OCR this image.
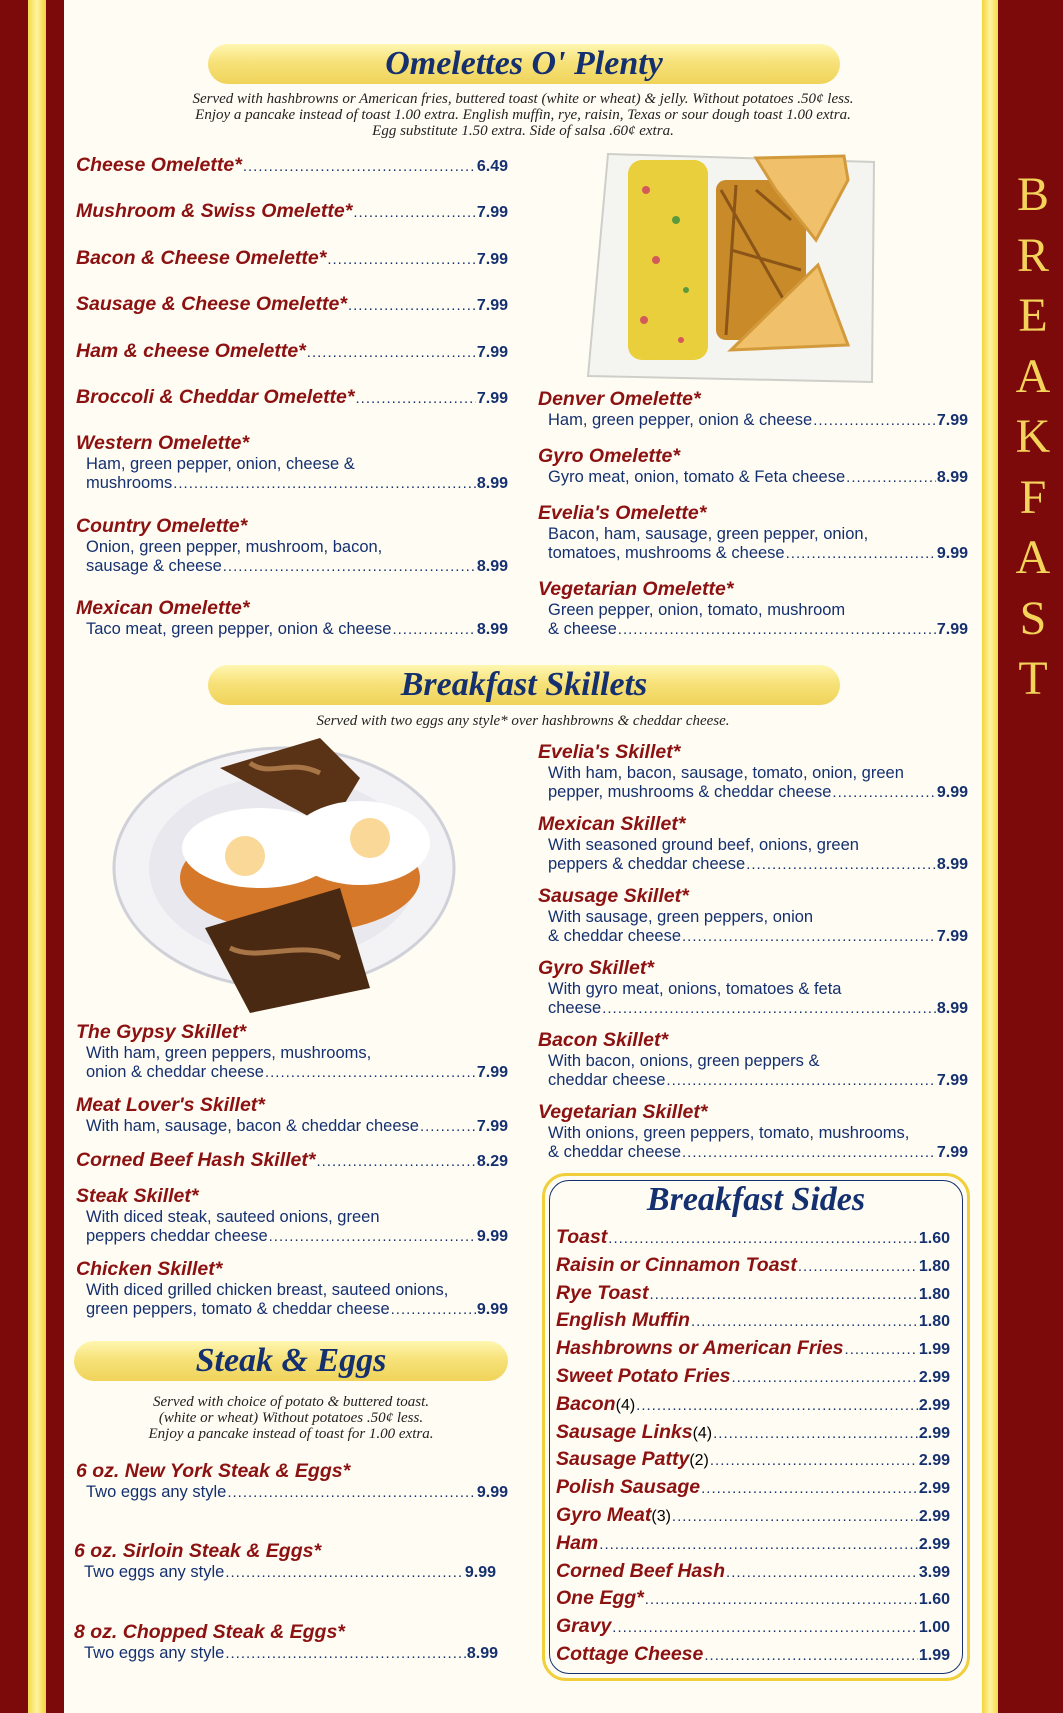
B
R
E
A
K
F
A
S
T
Omelettes O' Plenty
Served with hashbrowns or American fries, buttered toast (white or wheat) & jelly. Without potatoes .50¢ less.
Enjoy a pancake instead of toast 1.00 extra. English muffin, rye, raisin, Texas or sour dough toast 1.00 extra.
Egg substitute 1.50 extra. Side of salsa .60¢ extra.
Cheese Omelette* .....	6.49
Mushroom & Swiss Omelette* .....	7.99
Bacon & Cheese Omelette* .....	7.99
Sausage & Cheese Omelette* .....	7.99
Ham & cheese Omelette* .....	7.99
Broccoli & Cheddar Omelette* .....	7.99
Western Omelette*
Ham, green pepper, onion, cheese &
mushrooms .....	8.99
Country Omelette*
Onion, green pepper, mushroom, bacon,
sausage & cheese .....	8.99
Mexican Omelette*
Taco meat, green pepper, onion & cheese .....	8.99
Denver Omelette*
Ham, green pepper, onion & cheese .....	7.99
Gyro Omelette*
Gyro meat, onion, tomato & Feta cheese .....	8.99
Evelia's Omelette*
Bacon, ham, sausage, green pepper, onion,
tomatoes, mushrooms & cheese .....	9.99
Vegetarian Omelette*
Green pepper, onion, tomato, mushroom
& cheese .....	7.99
Breakfast Skillets
Served with two eggs any style* over hashbrowns & cheddar cheese.
The Gypsy Skillet*
With ham, green peppers, mushrooms,
onion & cheddar cheese .....	7.99
Meat Lover's Skillet*
With ham, sausage, bacon & cheddar cheese .....	7.99
Corned Beef Hash Skillet* .....	8.29
Steak Skillet*
With diced steak, sauteed onions, green
peppers cheddar cheese .....	9.99
Chicken Skillet*
With diced grilled chicken breast, sauteed onions,
green peppers, tomato & cheddar cheese .....	9.99
Evelia's Skillet*
With ham, bacon, sausage, tomato, onion, green
pepper, mushrooms & cheddar cheese .....	9.99
Mexican Skillet*
With seasoned ground beef, onions, green
peppers & cheddar cheese .....	8.99
Sausage Skillet*
With sausage, green peppers, onion
& cheddar cheese .....	7.99
Gyro Skillet*
With gyro meat, onions, tomatoes & feta
cheese .....	8.99
Bacon Skillet*
With bacon, onions, green peppers &
cheddar cheese .....	7.99
Vegetarian Skillet*
With onions, green peppers, tomato, mushrooms,
& cheddar cheese .....	7.99
Steak & Eggs
Served with choice of potato & buttered toast.
(white or wheat) Without potatoes .50¢ less.
Enjoy a pancake instead of toast for 1.00 extra.
6 oz. New York Steak & Eggs*
Two eggs any style .....	9.99
6 oz. Sirloin Steak & Eggs*
Two eggs any style .....	9.99
8 oz. Chopped Steak & Eggs*
Two eggs any style .....	8.99
Breakfast Sides
Toast .....	1.60
Raisin or Cinnamon Toast .....	1.80
Rye Toast .....	1.80
English Muffin .....	1.80
Hashbrowns or American Fries .....	1.99
Sweet Potato Fries .....	2.99
Bacon (4) .....	2.99
Sausage Links (4) .....	2.99
Sausage Patty (2) .....	2.99
Polish Sausage .....	2.99
Gyro Meat (3) .....	2.99
Ham .....	2.99
Corned Beef Hash .....	3.99
One Egg* .....	1.60
Gravy .....	1.00
Cottage Cheese .....	1.99
